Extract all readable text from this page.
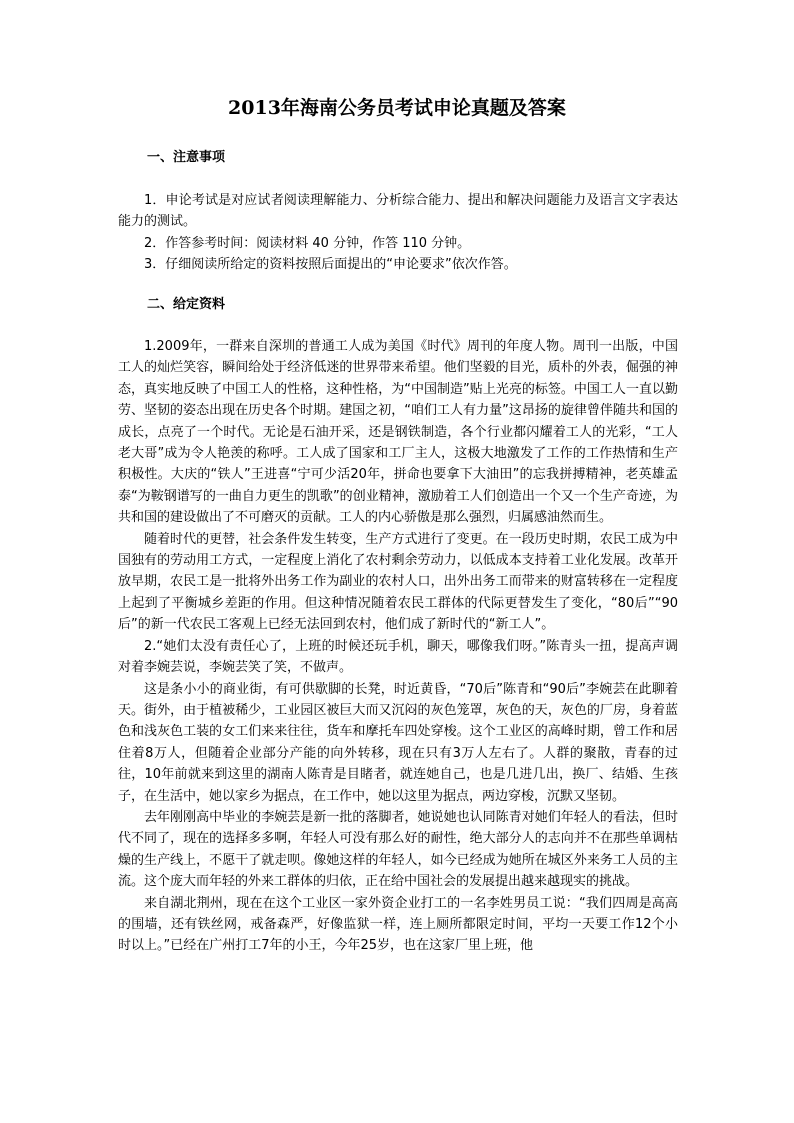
2013年海南公务员考试申论真题及答案
一、注意事项

1．申论考试是对应试者阅读理解能力、分析综合能力、提出和解决问题能力及语言文字表达能力的测试。

2．作答参考时间：阅读材料 40 分钟，作答 110 分钟。

3．仔细阅读所给定的资料按照后面提出的“申论要求”依次作答。

二、给定资料

1.2009年，一群来自深圳的普通工人成为美国《时代》周刊的年度人物。周刊一出版，中国工人的灿烂笑容，瞬间给处于经济低迷的世界带来希望。他们坚毅的目光，质朴的外表，倔强的神态，真实地反映了中国工人的性格，这种性格，为“中国制造”贴上光亮的标签。中国工人一直以勤劳、坚韧的姿态出现在历史各个时期。建国之初，“咱们工人有力量”这昂扬的旋律曾伴随共和国的成长，点亮了一个时代。无论是石油开采，还是钢铁制造，各个行业都闪耀着工人的光彩，“工人老大哥”成为令人艳羡的称呼。工人成了国家和工厂主人，这极大地激发了工作的工作热情和生产积极性。大庆的“铁人”王进喜“宁可少活20年，拼命也要拿下大油田”的忘我拼搏精神，老英雄孟泰“为鞍钢谱写的一曲自力更生的凯歌”的创业精神，激励着工人们创造出一个又一个生产奇迹，为共和国的建设做出了不可磨灭的贡献。工人的内心骄傲是那么强烈，归属感油然而生。

随着时代的更替，社会条件发生转变，生产方式进行了变更。在一段历史时期，农民工成为中国独有的劳动用工方式，一定程度上消化了农村剩余劳动力，以低成本支持着工业化发展。改革开放早期，农民工是一批将外出务工作为副业的农村人口，出外出务工而带来的财富转移在一定程度上起到了平衡城乡差距的作用。但这种情况随着农民工群体的代际更替发生了变化，“80后”“90后”的新一代农民工客观上已经无法回到农村，他们成了新时代的“新工人”。

2.“她们太没有责任心了，上班的时候还玩手机，聊天，哪像我们呀。”陈青头一扭，提高声调对着李婉芸说，李婉芸笑了笑，不做声。

这是条小小的商业街，有可供歇脚的长凳，时近黄昏，“70后”陈青和“90后”李婉芸在此聊着天。街外，由于植被稀少，工业园区被巨大而又沉闷的灰色笼罩，灰色的天，灰色的厂房，身着蓝色和浅灰色工装的女工们来来往往，货车和摩托车四处穿梭。这个工业区的高峰时期，曾工作和居住着8万人，但随着企业部分产能的向外转移，现在只有3万人左右了。人群的聚散，青春的过往，10年前就来到这里的湖南人陈青是目睹者，就连她自己，也是几进几出，换厂、结婚、生孩子，在生活中，她以家乡为据点，在工作中，她以这里为据点，两边穿梭，沉默又坚韧。

去年刚刚高中毕业的李婉芸是新一批的落脚者，她说她也认同陈青对她们年轻人的看法，但时代不同了，现在的选择多多啊，年轻人可没有那么好的耐性，绝大部分人的志向并不在那些单调枯燥的生产线上，不愿干了就走呗。像她这样的年轻人，如今已经成为她所在城区外来务工人员的主流。这个庞大而年轻的外来工群体的归依，正在给中国社会的发展提出越来越现实的挑战。

来自湖北荆州，现在在这个工业区一家外资企业打工的一名李姓男员工说：“我们四周是高高的围墙，还有铁丝网，戒备森严，好像监狱一样，连上厕所都限定时间，平均一天要工作12个小时以上。”已经在广州打工7年的小王，今年25岁，也在这家厂里上班，他
